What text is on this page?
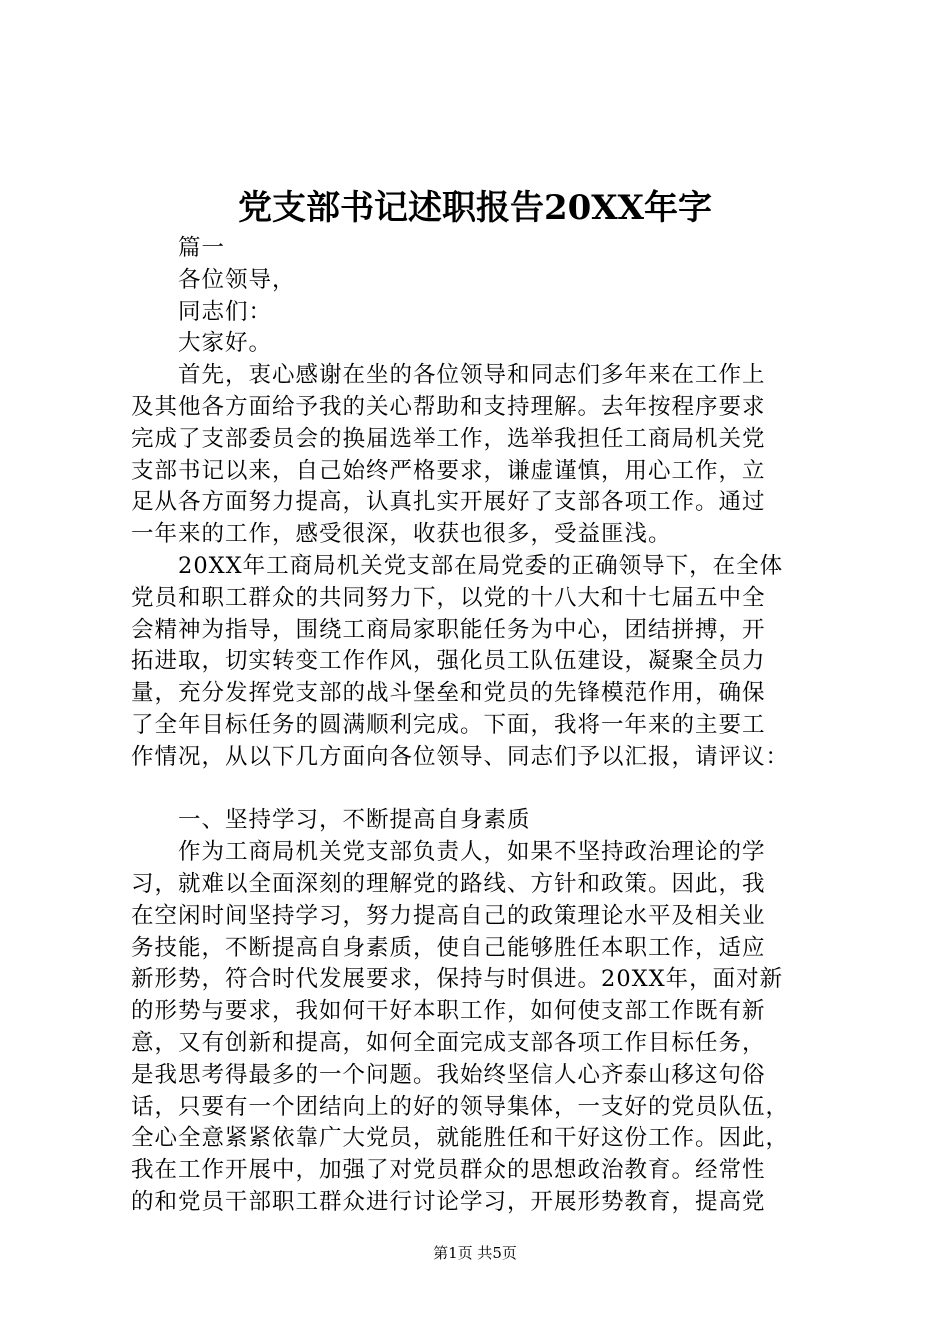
党支部书记述职报告20XX年字
篇一
各位领导，
同志们：
大家好。
首先，衷心感谢在坐的各位领导和同志们多年来在工作上
及其他各方面给予我的关心帮助和支持理解。去年按程序要求
完成了支部委员会的换届选举工作，选举我担任工商局机关党
支部书记以来，自己始终严格要求，谦虚谨慎，用心工作，立
足从各方面努力提高，认真扎实开展好了支部各项工作。通过
一年来的工作，感受很深，收获也很多，受益匪浅。
20XX年工商局机关党支部在局党委的正确领导下，在全体
党员和职工群众的共同努力下，以党的十八大和十七届五中全
会精神为指导，围绕工商局家职能任务为中心，团结拼搏，开
拓进取，切实转变工作作风，强化员工队伍建设，凝聚全员力
量，充分发挥党支部的战斗堡垒和党员的先锋模范作用，确保
了全年目标任务的圆满顺利完成。下面，我将一年来的主要工
作情况，从以下几方面向各位领导、同志们予以汇报，请评议：
一、坚持学习，不断提高自身素质
作为工商局机关党支部负责人，如果不坚持政治理论的学
习，就难以全面深刻的理解党的路线、方针和政策。因此，我
在空闲时间坚持学习，努力提高自己的政策理论水平及相关业
务技能，不断提高自身素质，使自己能够胜任本职工作，适应
新形势，符合时代发展要求，保持与时俱进。20XX年，面对新
的形势与要求，我如何干好本职工作，如何使支部工作既有新
意，又有创新和提高，如何全面完成支部各项工作目标任务，
是我思考得最多的一个问题。我始终坚信人心齐泰山移这句俗
话，只要有一个团结向上的好的领导集体，一支好的党员队伍，
全心全意紧紧依靠广大党员，就能胜任和干好这份工作。因此，
我在工作开展中，加强了对党员群众的思想政治教育。经常性
的和党员干部职工群众进行讨论学习，开展形势教育，提高党
第1页 共5页
